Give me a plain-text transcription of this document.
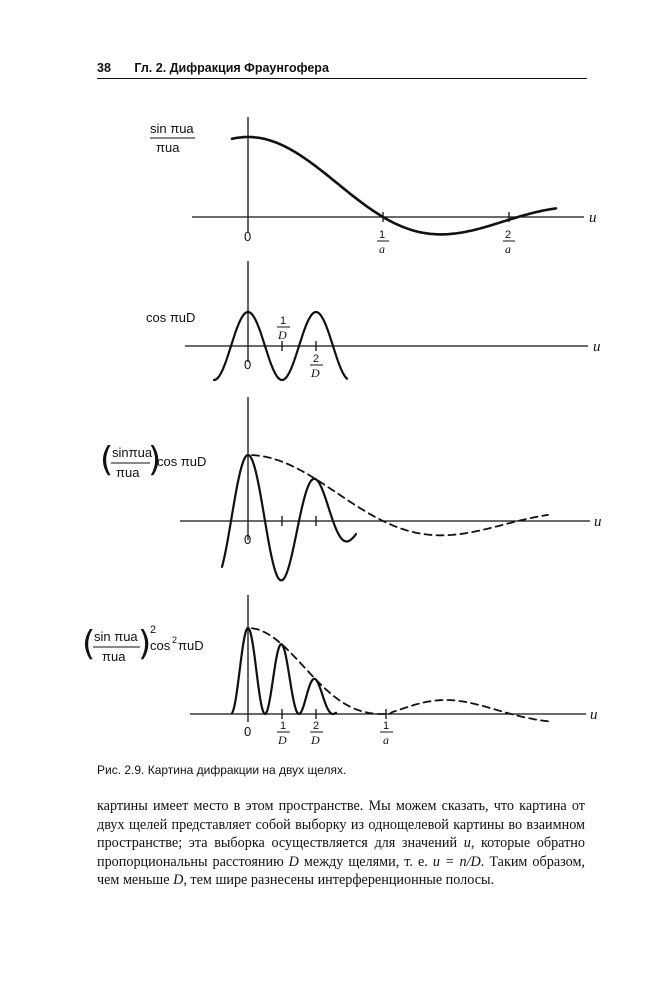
38 Гл. 2. Дифракция Фраунгофера
sin πua
πua
u
u
u
u
0
0
0
0
1
a
2
a
cos πuD	1
D
2
D
(
sinπua
πua )
cos πuD
(
sin πua
πua )
2
cos 2 πuD
1
D
2
D
1
a
Рис. 2.9. Картина дифракции на двух щелях.

картины имеет место в этом пространстве. Мы можем сказать, что картина от двух щелей представляет собой выборку из однощелевой картины во взаимном пространстве; эта выборка осуществляется для значений u, которые обратно пропорциональны расстоянию D между щелями, т. е. u = n/D. Таким образом, чем меньше D, тем шире разнесены интерференционные полосы.
